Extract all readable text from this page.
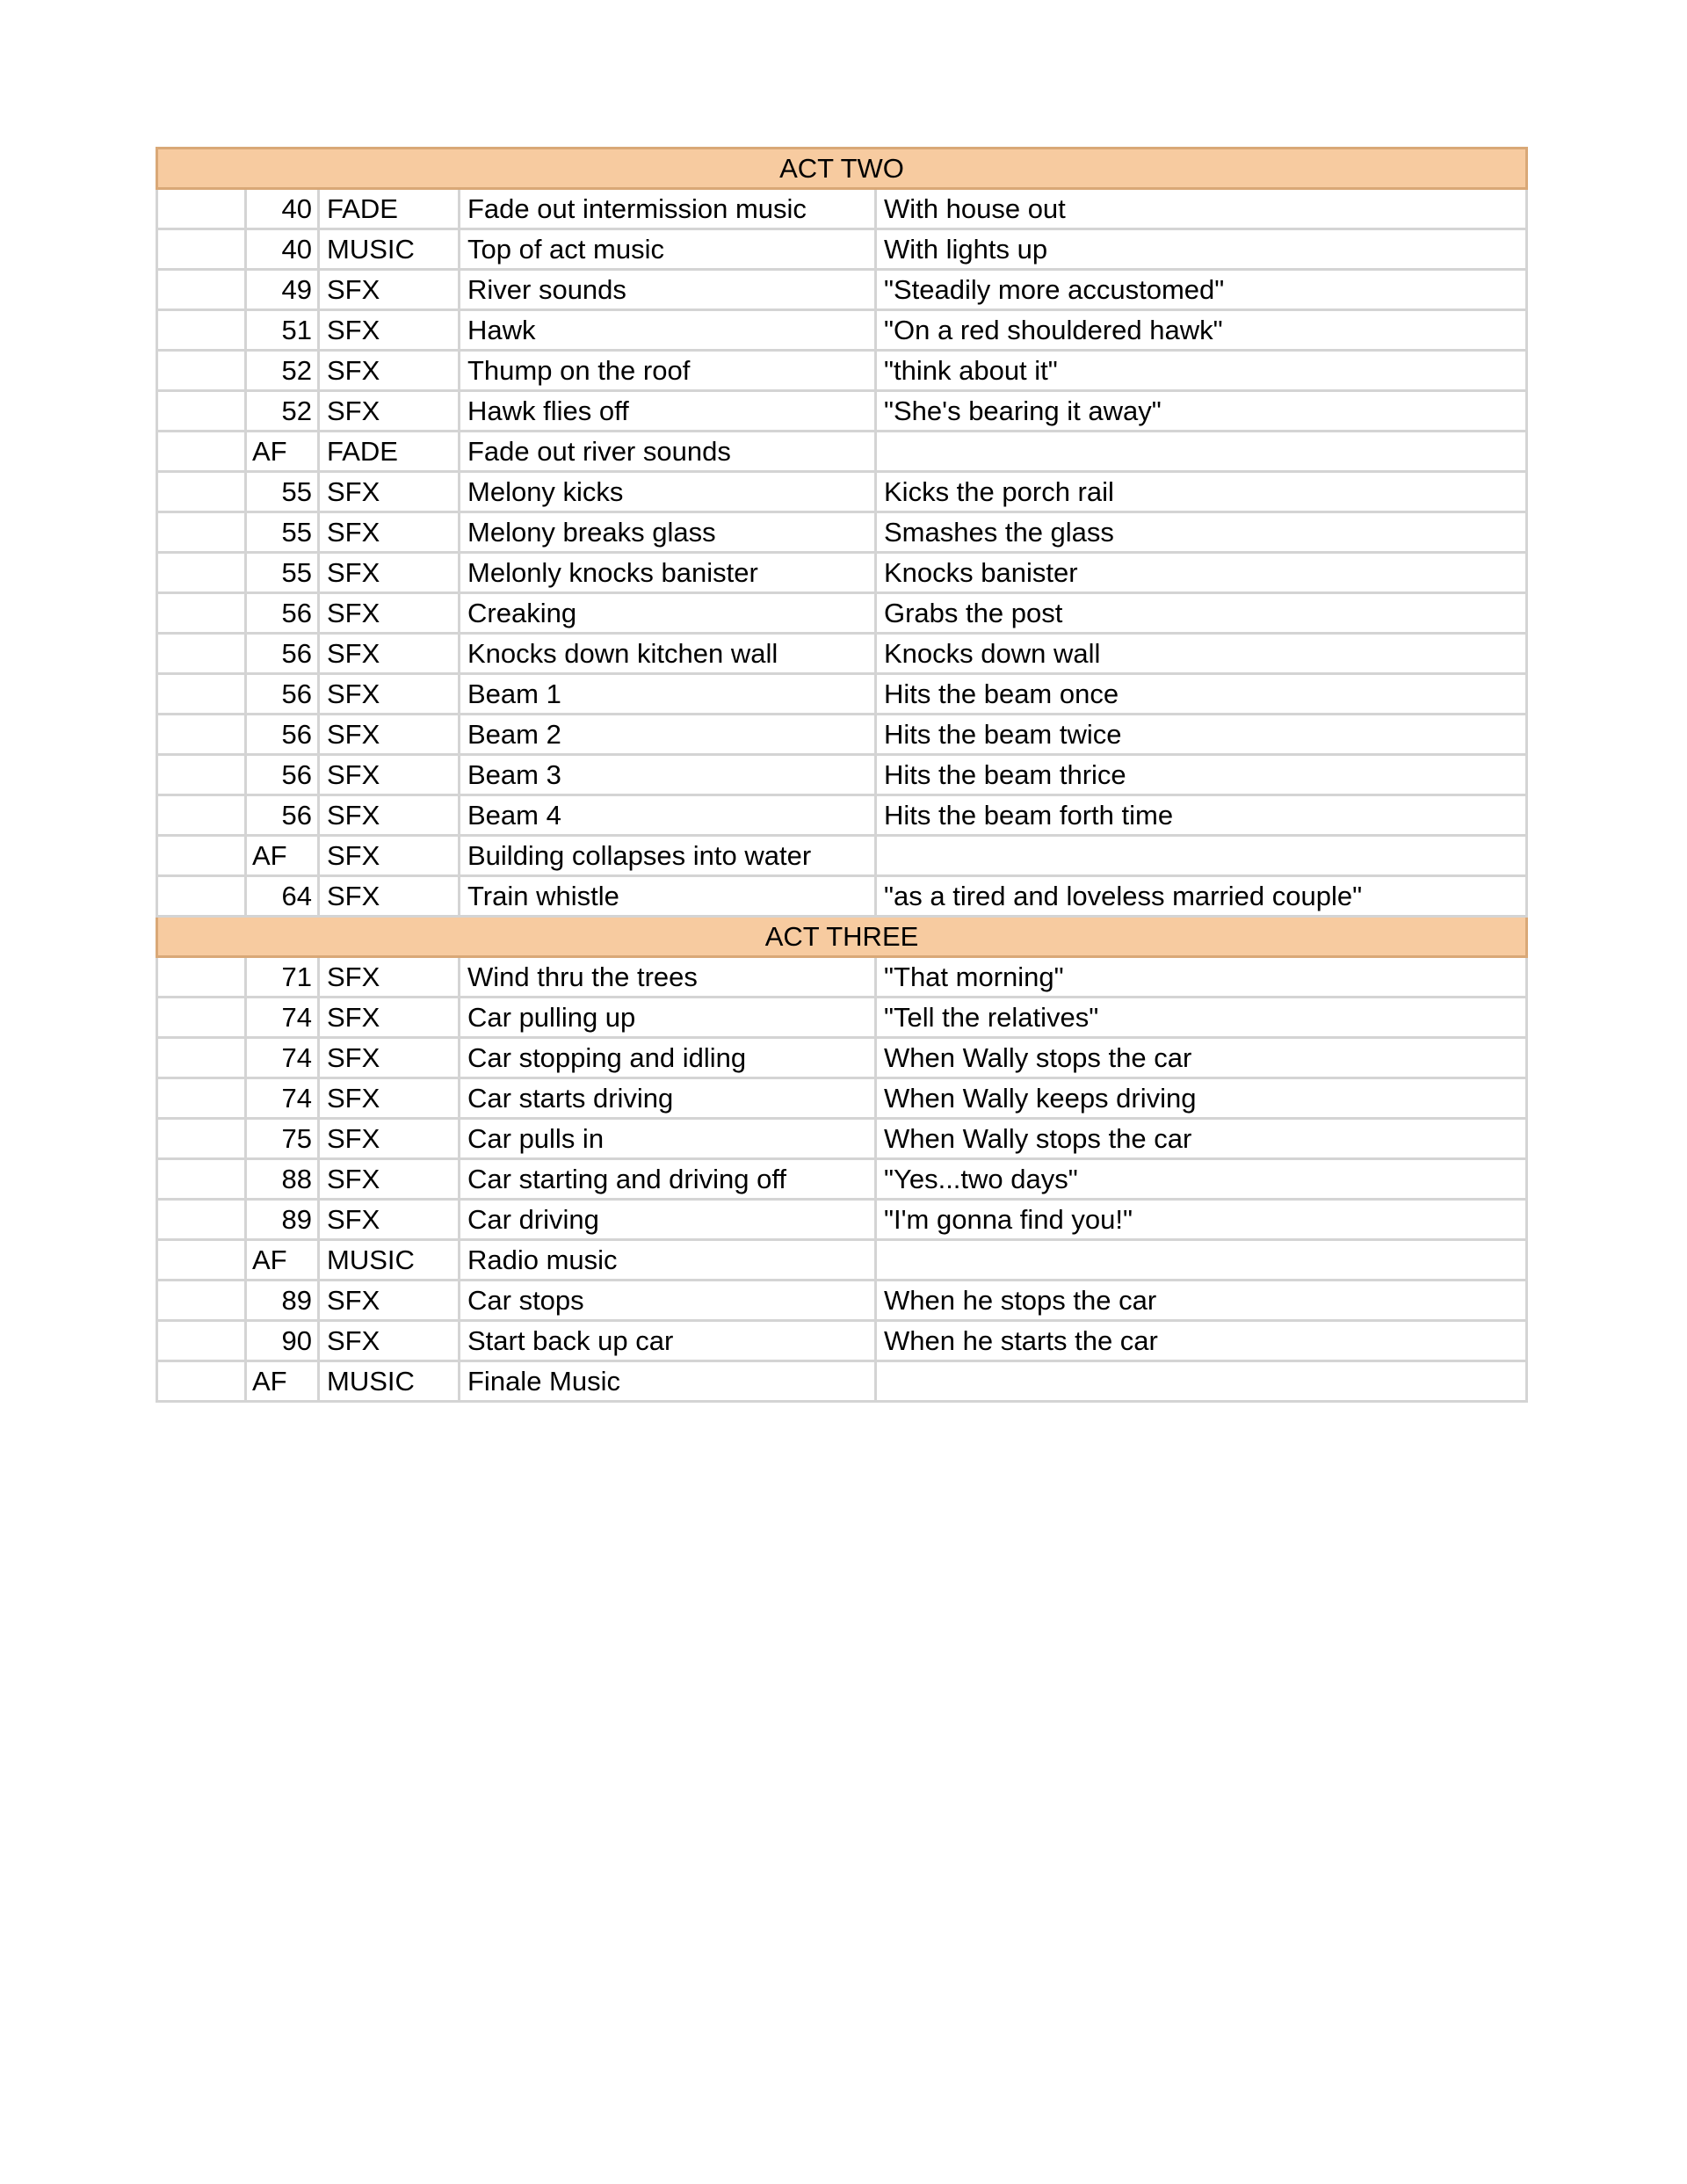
ACT TWO				
	40	FADE	Fade out intermission music	With house out
	40	MUSIC	Top of act music	With lights up
	49	SFX	River sounds	"Steadily more accustomed"
	51	SFX	Hawk	"On a red shouldered hawk"
	52	SFX	Thump on the roof	"think about it"
	52	SFX	Hawk flies off	"She's bearing it away"
	AF	FADE	Fade out river sounds	
	55	SFX	Melony kicks	Kicks the porch rail
	55	SFX	Melony breaks glass	Smashes the glass
	55	SFX	Melonly knocks banister	Knocks banister
	56	SFX	Creaking	Grabs the post
	56	SFX	Knocks down kitchen wall	Knocks down wall
	56	SFX	Beam 1	Hits the beam once
	56	SFX	Beam 2	Hits the beam twice
	56	SFX	Beam 3	Hits the beam thrice
	56	SFX	Beam 4	Hits the beam forth time
	AF	SFX	Building collapses into water	
	64	SFX	Train whistle	"as a tired and loveless married couple"
ACT THREE				
	71	SFX	Wind thru the trees	"That morning"
	74	SFX	Car pulling up	"Tell the relatives"
	74	SFX	Car stopping and idling	When Wally stops the car
	74	SFX	Car starts driving	When Wally keeps driving
	75	SFX	Car pulls in	When Wally stops the car
	88	SFX	Car starting and driving off	"Yes...two days"
	89	SFX	Car driving	"I'm gonna find you!"
	AF	MUSIC	Radio music	
	89	SFX	Car stops	When he stops the car
	90	SFX	Start back up car	When he starts the car
	AF	MUSIC	Finale Music	
